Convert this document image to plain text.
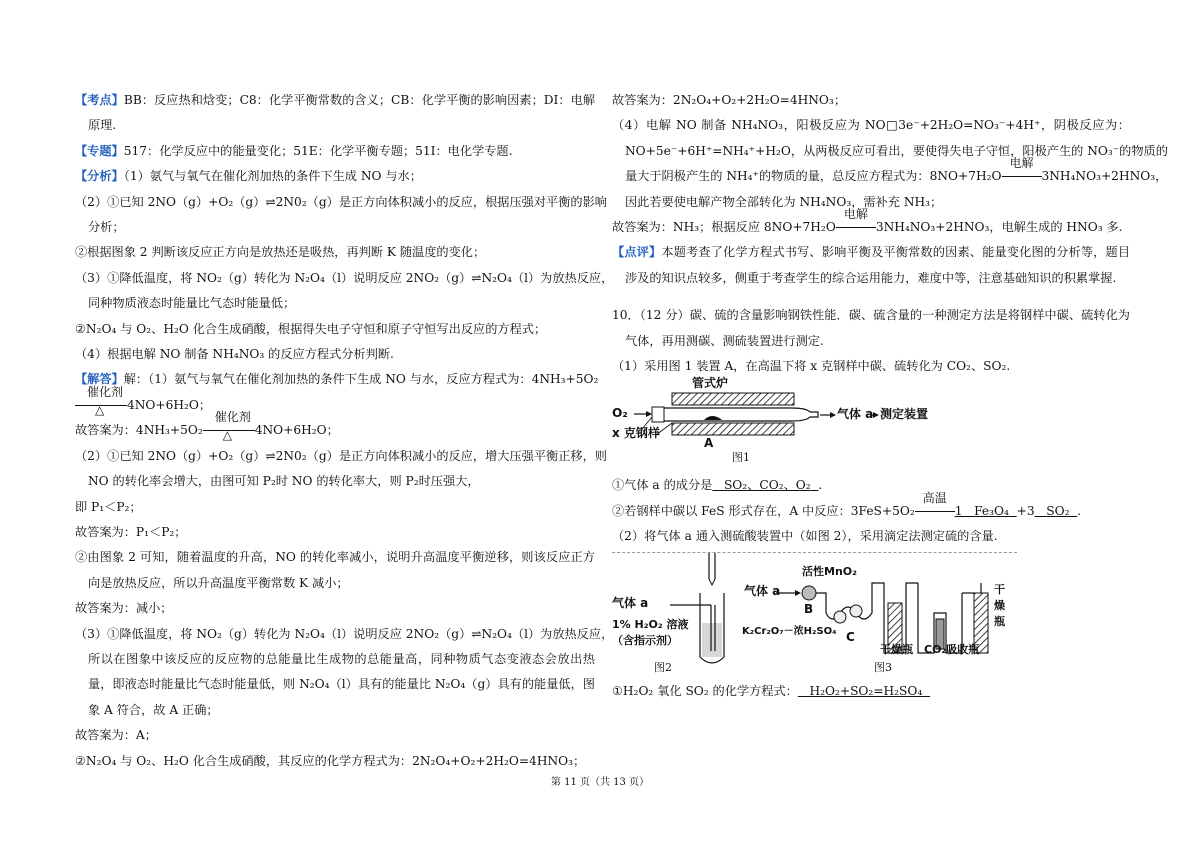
【考点】BB：反应热和焓变；C8：化学平衡常数的含义；CB：化学平衡的影响因素；DI：电解
原理.
【专题】517：化学反应中的能量变化；51E：化学平衡专题；51I：电化学专题.
【分析】（1）氨气与氧气在催化剂加热的条件下生成 NO 与水；
（2）①已知 2NO（g）+O₂（g）⇌2N0₂（g）是正方向体积减小的反应，根据压强对平衡的影响
分析；
②根据图象 2 判断该反应正方向是放热还是吸热，再判断 K 随温度的变化；
（3）①降低温度，将 NO₂（g）转化为 N₂O₄（l）说明反应 2NO₂（g）⇌N₂O₄（l）为放热反应，
同种物质液态时能量比气态时能量低；
②N₂O₄ 与 O₂、H₂O 化合生成硝酸，根据得失电子守恒和原子守恒写出反应的方程式；
（4）根据电解 NO 制备 NH₄NO₃ 的反应方程式分析判断.
【解答】解：（1）氨气与氧气在催化剂加热的条件下生成 NO 与水，反应方程式为：4NH₃+5O₂
催化剂
△ 4NO+6H₂O；
故答案为：4NH₃+5O₂
催化剂
△ 4NO+6H₂O；
（2）①已知 2NO（g）+O₂（g）⇌2N0₂（g）是正方向体积减小的反应，增大压强平衡正移，则
NO 的转化率会增大，由图可知 P₂时 NO 的转化率大，则 P₂时压强大，
即 P₁＜P₂；
故答案为：P₁＜P₂；
②由图象 2 可知，随着温度的升高，NO 的转化率减小，说明升高温度平衡逆移，则该反应正方
向是放热反应，所以升高温度平衡常数 K 减小；
故答案为：减小；
（3）①降低温度，将 NO₂（g）转化为 N₂O₄（l）说明反应 2NO₂（g）⇌N₂O₄（l）为放热反应，
所以在图象中该反应的反应物的总能量比生成物的总能量高，同种物质气态变液态会放出热
量，即液态时能量比气态时能量低，则 N₂O₄（l）具有的能量比 N₂O₄（g）具有的能量低，图
象 A 符合，故 A 正确；
故答案为：A；
②N₂O₄ 与 O₂、H₂O 化合生成硝酸，其反应的化学方程式为：2N₂O₄+O₂+2H₂O=4HNO₃；
故答案为：2N₂O₄+O₂+2H₂O=4HNO₃；
（4）电解 NO 制备 NH₄NO₃，阳极反应为 NO□3e⁻+2H₂O=NO₃⁻+4H⁺，阴极反应为：
NO+5e⁻+6H⁺=NH₄⁺+H₂O，从两极反应可看出，要使得失电子守恒，阳极产生的 NO₃⁻的物质的
量大于阴极产生的 NH₄⁺的物质的量，总反应方程式为：8NO+7H₂O
电解
3NH₄NO₃+2HNO₃，
因此若要使电解产物全部转化为 NH₄NO₃，需补充 NH₃；
故答案为：NH₃；根据反应 8NO+7H₂O
电解
3NH₄NO₃+2HNO₃，电解生成的 HNO₃ 多.
【点评】本题考查了化学方程式书写、影响平衡及平衡常数的因素、能量变化图的分析等，题目
涉及的知识点较多，侧重于考查学生的综合运用能力，难度中等，注意基础知识的积累掌握.
10．（12 分）碳、硫的含量影响钢铁性能．碳、硫含量的一种测定方法是将钢样中碳、硫转化为
气体，再用测碳、测硫装置进行测定.
（1）采用图 1 装置 A，在高温下将 x 克钢样中碳、硫转化为 CO₂、SO₂.
管式炉
O₂	气体 a 测定装置
x 克钢样
A
图1
①气体 a 的成分是 SO₂、CO₂、O₂ .
②若钢样中碳以 FeS 形式存在，A 中反应：3FeS+5O₂
高温
1 Fe₃O₄ +3 SO₂ .
（2）将气体 a 通入测硫酸装置中（如图 2），采用滴定法测定硫的含量.
气体 a
1% H₂O₂ 溶液
（含指示剂）
图2
气体 a
活性MnO₂
B
C
K₂Cr₂O₇－浓H₂SO₄
干燥瓶 CO₂吸收瓶
干
燥
瓶
图3
①H₂O₂ 氧化 SO₂ 的化学方程式： H₂O₂+SO₂=H₂SO₄
第 11 页（共 13 页）
